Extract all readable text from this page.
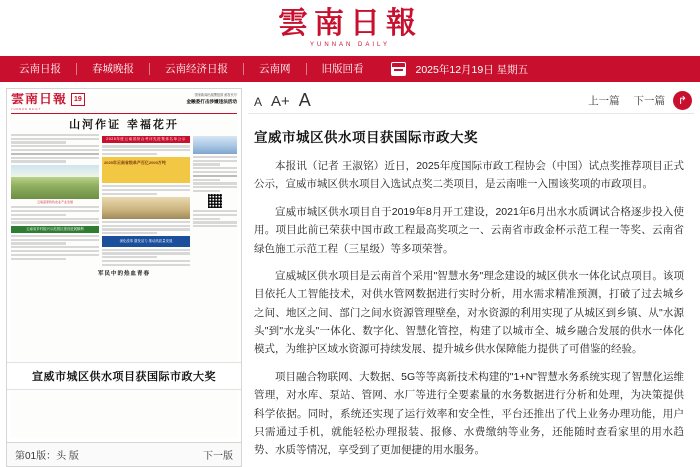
雲南日報
YUNNAN DAILY
云南日报	春城晚报	云南经济日报	云南网	旧版回看	2025年12月19日 星期五
雲南日報
YUNNAN DAILY
19
国家新闻出版署批准 邮发代号
金融委打击涉嫌违法活动
山河作证 幸福花开
云南高原特色农业产业发展
云南省乡村振兴示范园区建设进展顺利
2025年度云南省综合考评先进集体名单公示
2025年云南省级单产百亿2000万吨
深化改革 激发活力 推动高质量发展
军民中的热血青春
宣威市城区供水项目获国际市政大奖
第01版：头 版	下一版
A A+ A	上一篇 下一篇	↱
宣威市城区供水项目获国际市政大奖

本报讯（记者 王淑铭）近日，2025年度国际市政工程协会（中国）试点奖推荐项目正式公示，宣威市城区供水项目入选试点奖二类项目，是云南唯一入围该奖项的市政项目。

宣威市城区供水项目自于2019年8月开工建设，2021年6月出水水质调试合格逐步投入使用。项目此前已荣获中国市政工程最高奖项之一、云南省市政金杯示范工程一等奖、云南省绿色施工示范工程（三星级）等多项荣誉。

宣威城区供水项目是云南首个采用"智慧水务"理念建设的城区供水一体化试点项目。该项目依托人工智能技术，对供水管网数据进行实时分析，用水需求精准预测，打破了过去城乡之间、地区之间、部门之间水资源管理壁垒，对水资源的利用实现了从城区到乡镇、从"水源头"到"水龙头"一体化、数字化、智慧化管控，构建了以城市全、城乡融合发展的供水一体化模式，为维护区域水资源可持续发展、提升城乡供水保障能力提供了可借鉴的经验。

项目融合物联网、大数据、5G等等离新技术构建的"1+N"智慧水务系统实现了智慧化运维管理，对水库、泵站、管网、水厂等进行全要素量的水务数据进行分析和处理，为决策提供科学依据。同时，系统还实现了运行效率和安全性，平台还推出了代上业务办理功能，用户只需通过手机，就能轻松办理报装、报修、水费缴纳等业务，还能随时查看家里的用水趋势、水质等情况，享受到了更加便捷的用水服务。
